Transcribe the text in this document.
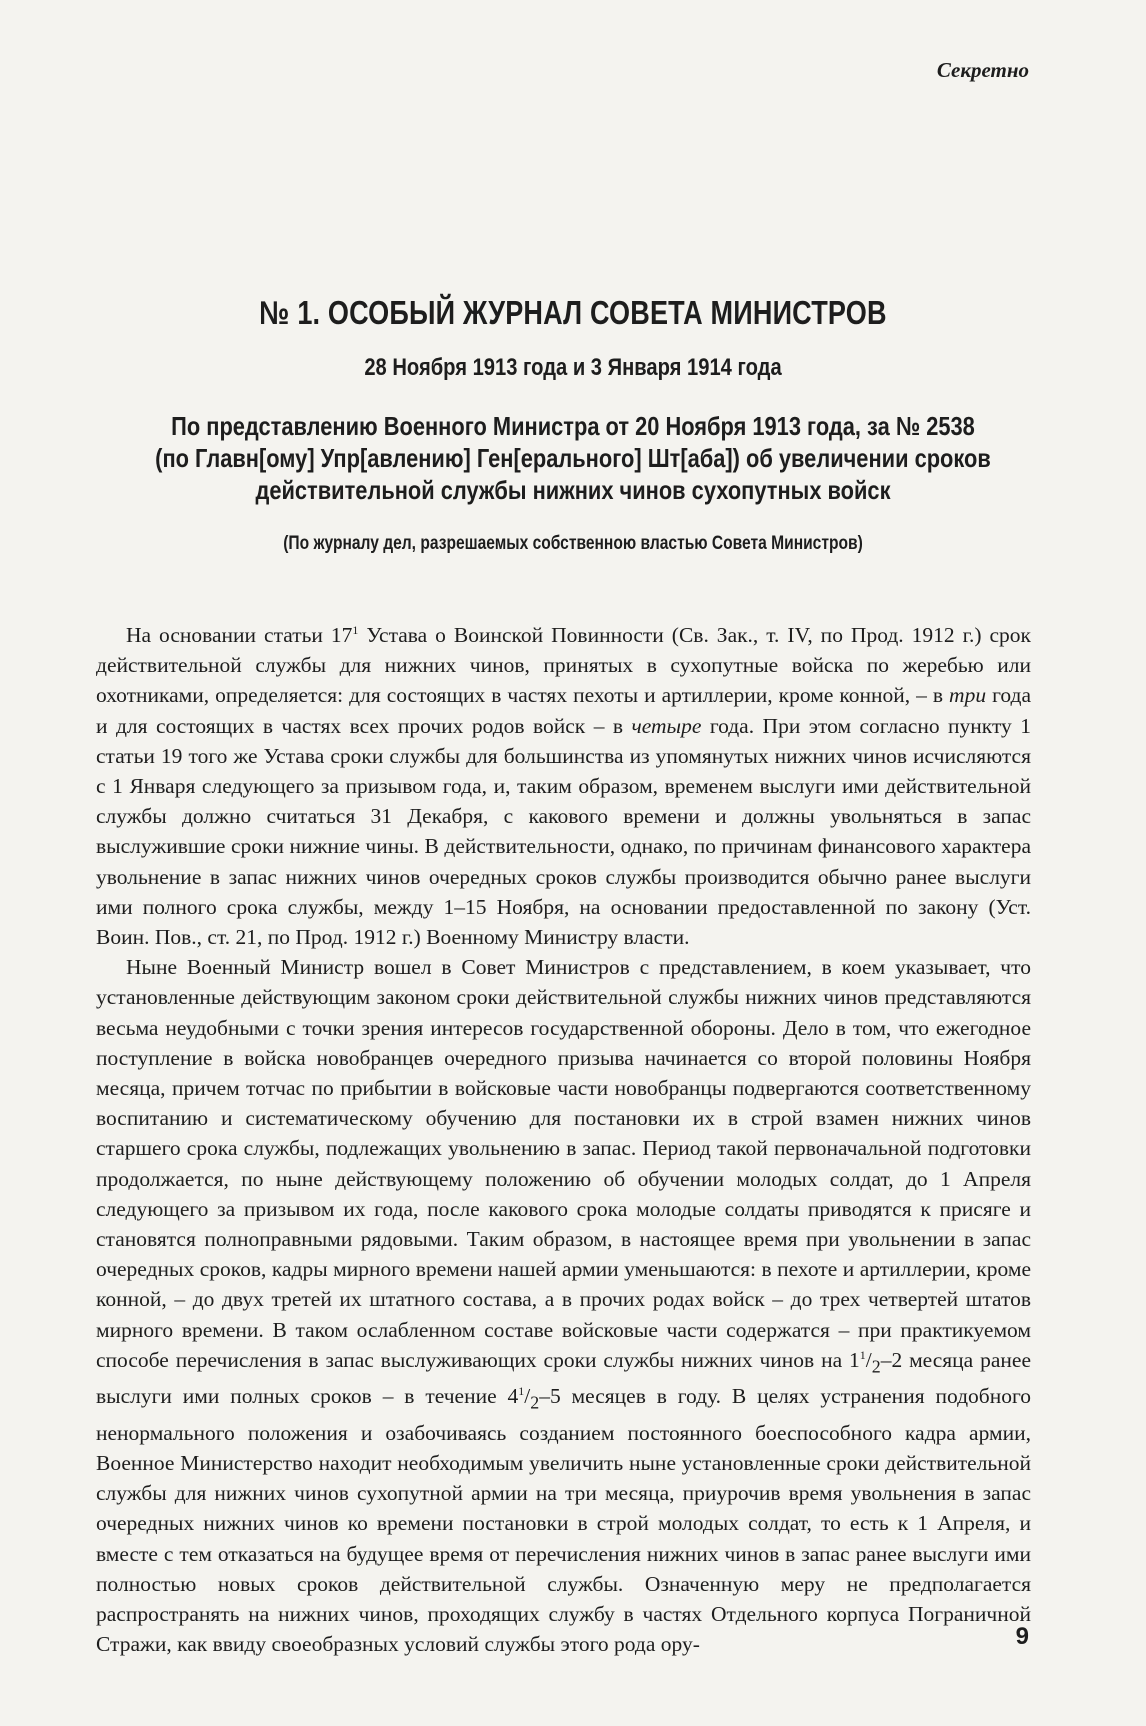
Секретно
№ 1. ОСОБЫЙ ЖУРНАЛ СОВЕТА МИНИСТРОВ
28 Ноября 1913 года и 3 Января 1914 года
По представлению Военного Министра от 20 Ноября 1913 года, за № 2538
(по Главн[ому] Упр[авлению] Ген[ерального] Шт[аба]) об увеличении сроков
действительной службы нижних чинов сухопутных войск
(По журналу дел, разрешаемых собственною властью Совета Министров)

На основании статьи $17^1$ Устава о Воинской Повинности (Св. Зак., т. IV, по Прод. 1912 г.) срок действительной службы для нижних чинов, принятых в сухопутные войска по жеребью или охотниками, определяется: для состоящих в частях пехоты и артиллерии, кроме конной, – в три года и для состоящих в частях всех прочих родов войск – в четыре года. При этом согласно пункту 1 статьи 19 того же Устава сроки службы для большинства из упомянутых нижних чинов исчисляются с 1 Января следующего за призывом года, и, таким образом, временем выслуги ими действительной службы должно считаться 31 Декабря, с какового времени и должны увольняться в запас выслужившие сроки нижние чины. В действительности, однако, по причинам финансового характера увольнение в запас нижних чинов очередных сроков службы производится обычно ранее выслуги ими полного срока службы, между 1–15 Ноября, на основании предоставленной по закону (Уст. Воин. Пов., ст. 21, по Прод. 1912 г.) Военному Министру власти.

Ныне Военный Министр вошел в Совет Министров с представлением, в коем указывает, что установленные действующим законом сроки действительной службы нижних чинов представляются весьма неудобными с точки зрения интересов государственной обороны. Дело в том, что ежегодное поступление в войска новобранцев очередного призыва начинается со второй половины Ноября месяца, причем тотчас по прибытии в войсковые части новобранцы подвергаются соответственному воспитанию и систематическому обучению для постановки их в строй взамен нижних чинов старшего срока службы, подлежащих увольнению в запас. Период такой первоначальной подготовки продолжается, по ныне действующему положению об обучении молодых солдат, до 1 Апреля следующего за призывом их года, после какового срока молодые солдаты приводятся к присяге и становятся полноправными рядовыми. Таким образом, в настоящее время при увольнении в запас очередных сроков, кадры мирного времени нашей армии уменьшаются: в пехоте и артиллерии, кроме конной, – до двух третей их штатного состава, а в прочих родах войск – до трех четвертей штатов мирного времени. В таком ослабленном составе войсковые части содержатся – при практикуемом способе перечисления в запас выслуживающих сроки службы нижних чинов на $1^1/_2-2$ месяца ранее выслуги ими полных сроков – в течение $4^1/_2-5$ месяцев в году. В целях устранения подобного ненормального положения и озабочиваясь созданием постоянного боеспособного кадра армии, Военное Министерство находит необходимым увеличить ныне установленные сроки действительной службы для нижних чинов сухопутной армии на три месяца, приурочив время увольнения в запас очередных нижних чинов ко времени постановки в строй молодых солдат, то есть к 1 Апреля, и вместе с тем отказаться на будущее время от перечисления нижних чинов в запас ранее выслуги ими полностью новых сроков действительной службы. Означенную меру не предполагается распространять на нижних чинов, проходящих службу в частях Отдельного корпуса Пограничной Стражи, как ввиду своеобразных условий службы этого рода ору-	9
